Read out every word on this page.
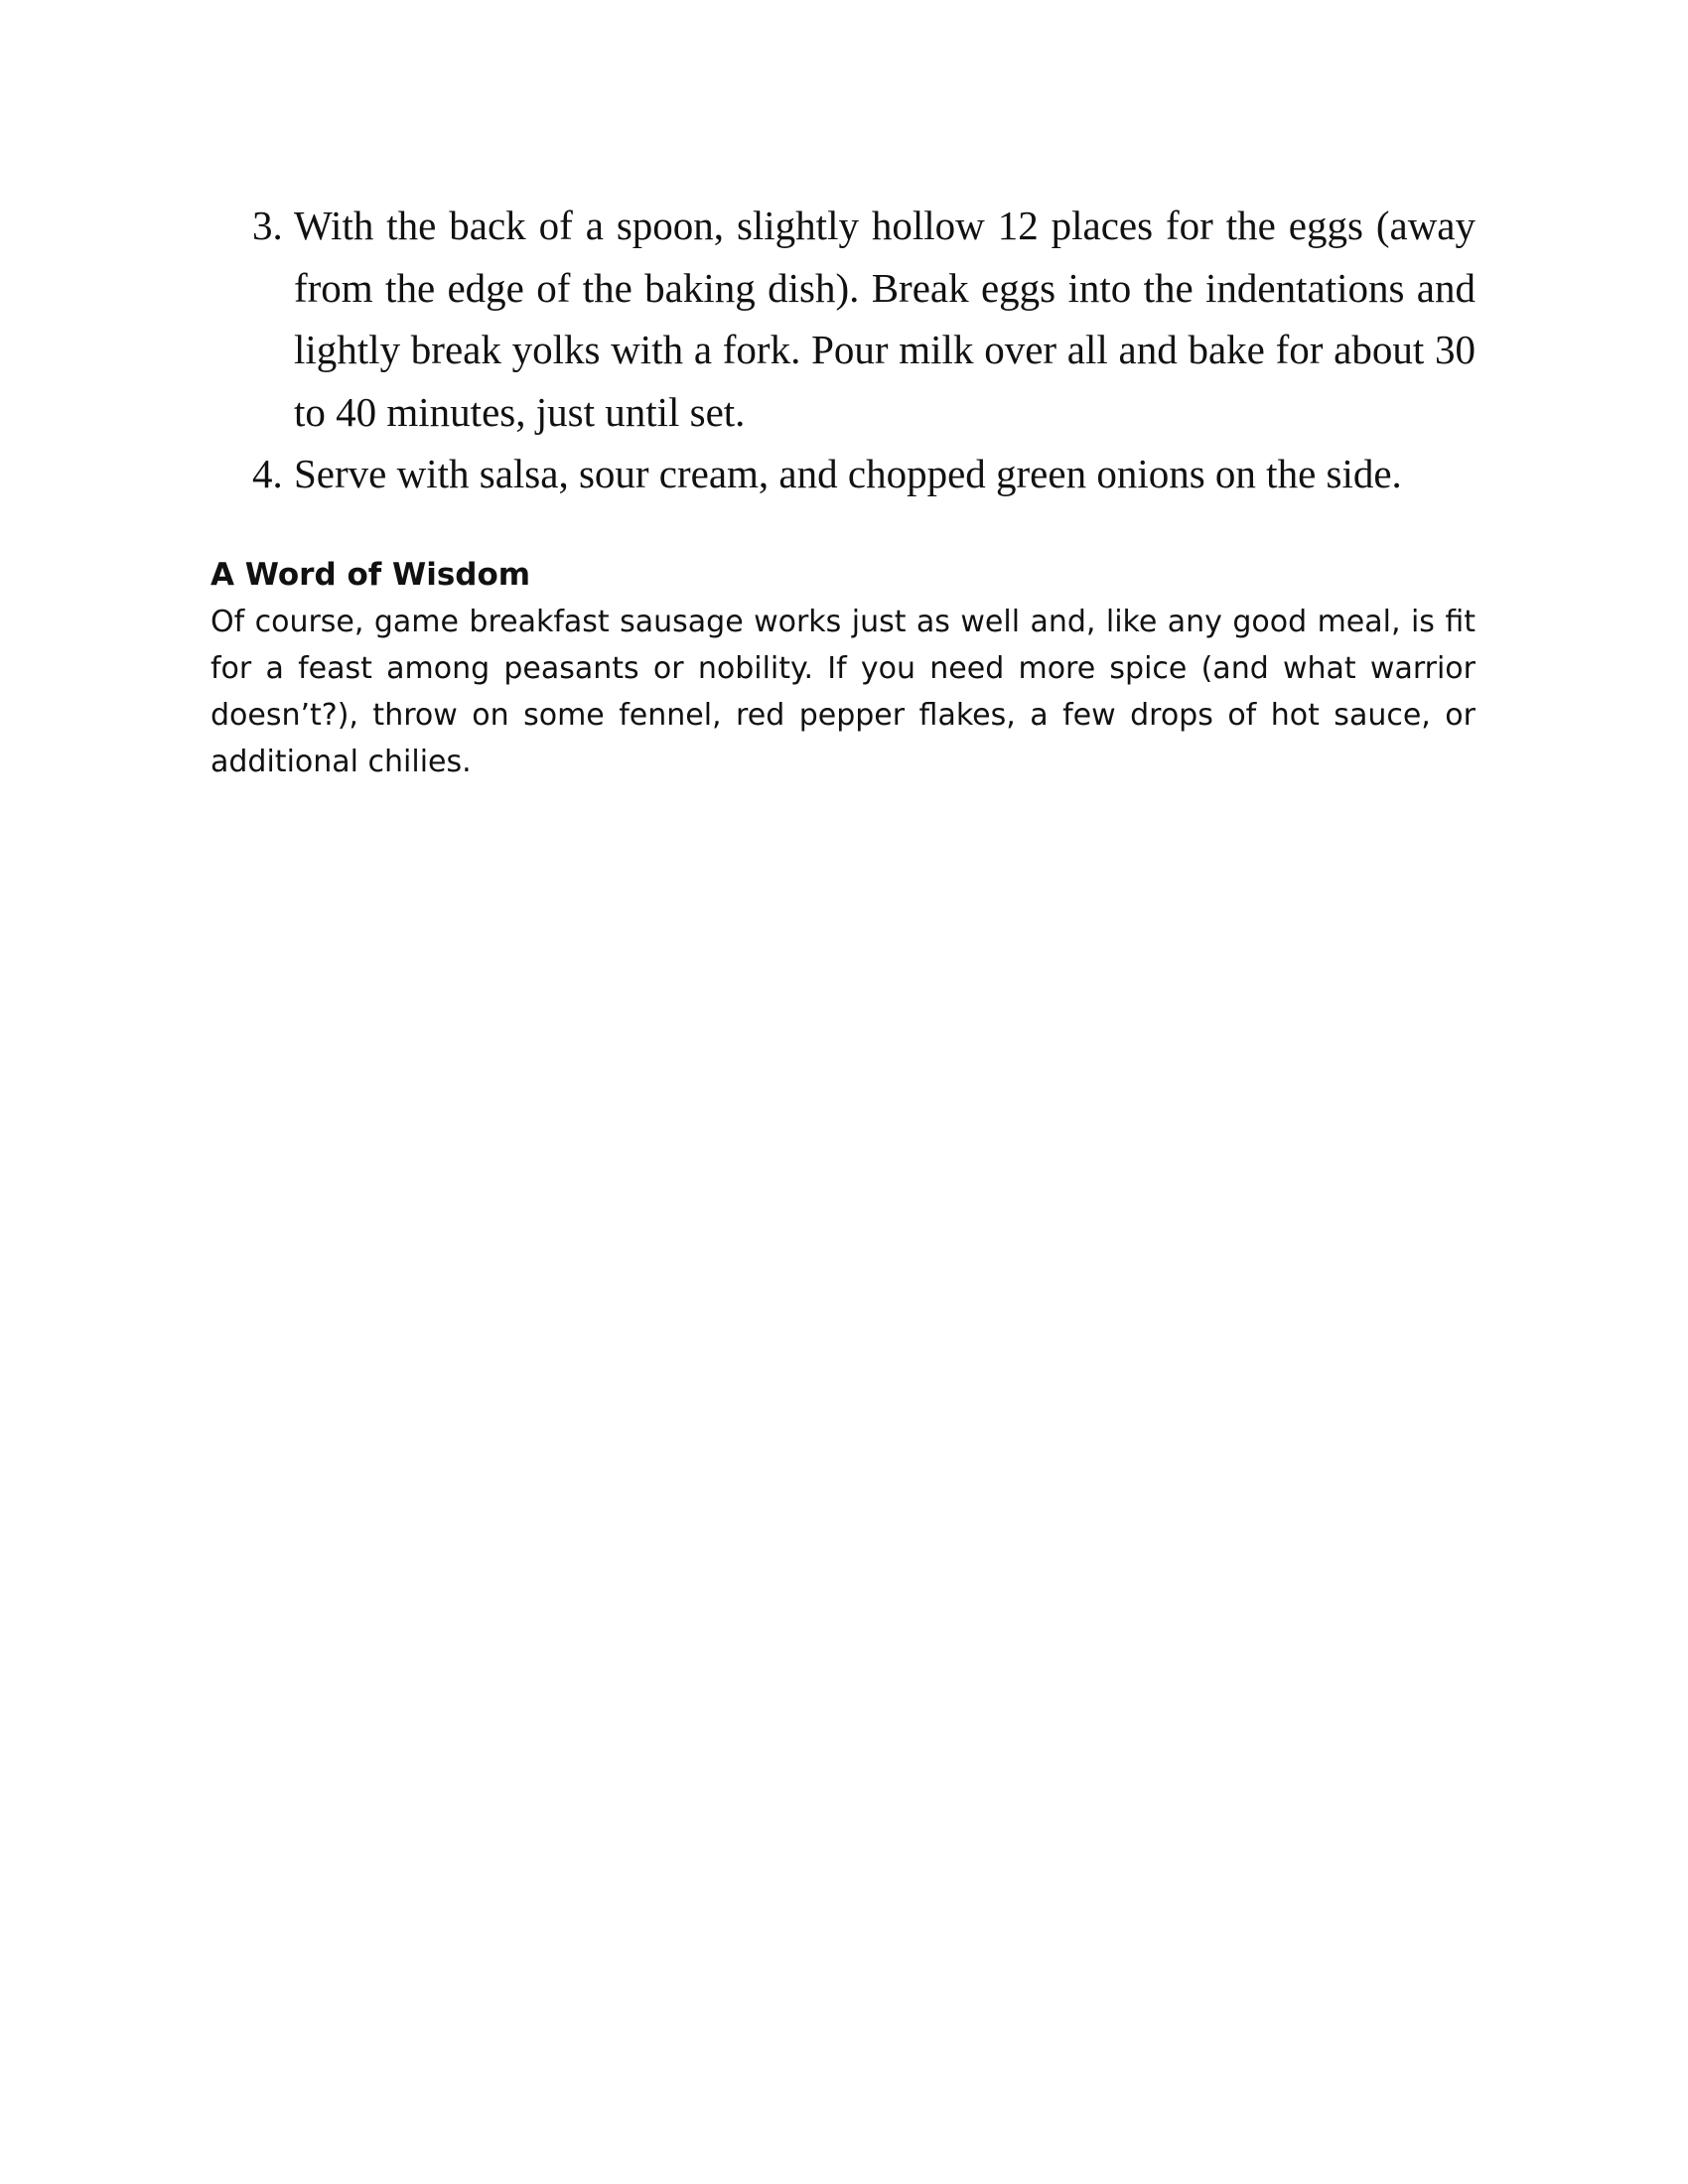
3. With the back of a spoon, slightly hollow 12 places for the eggs (away from the edge of the baking dish). Break eggs into the indentations and lightly break yolks with a fork. Pour milk over all and bake for about 30 to 40 minutes, just until set.
4. Serve with salsa, sour cream, and chopped green onions on the side.
A Word of Wisdom

Of course, game breakfast sausage works just as well and, like any good meal, is fit for a feast among peasants or nobility. If you need more spice (and what warrior doesn’t?), throw on some fennel, red pepper flakes, a few drops of hot sauce, or additional chilies.
